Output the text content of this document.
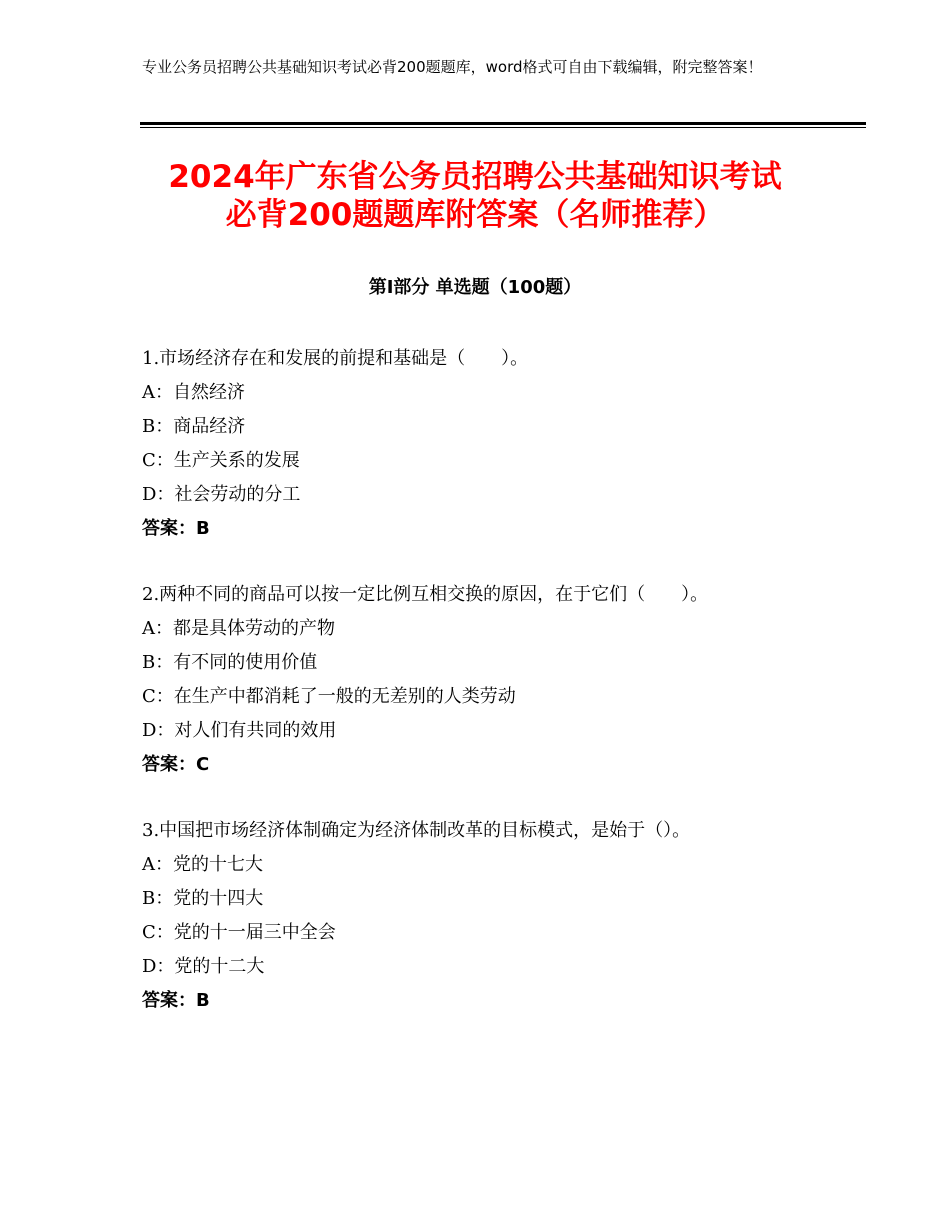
专业公务员招聘公共基础知识考试必背200题题库，word格式可自由下载编辑，附完整答案！
2024年广东省公务员招聘公共基础知识考试
必背200题题库附答案（名师推荐）
第Ⅰ部分 单选题（100题）
1.市场经济存在和发展的前提和基础是（　　）。
A：自然经济
B：商品经济
C：生产关系的发展
D：社会劳动的分工
答案：B
2.两种不同的商品可以按一定比例互相交换的原因，在于它们（　　）。
A：都是具体劳动的产物
B：有不同的使用价值
C：在生产中都消耗了一般的无差别的人类劳动
D：对人们有共同的效用
答案：C
3.中国把市场经济体制确定为经济体制改革的目标模式，是始于（）。
A：党的十七大
B：党的十四大
C：党的十一届三中全会
D：党的十二大
答案：B
